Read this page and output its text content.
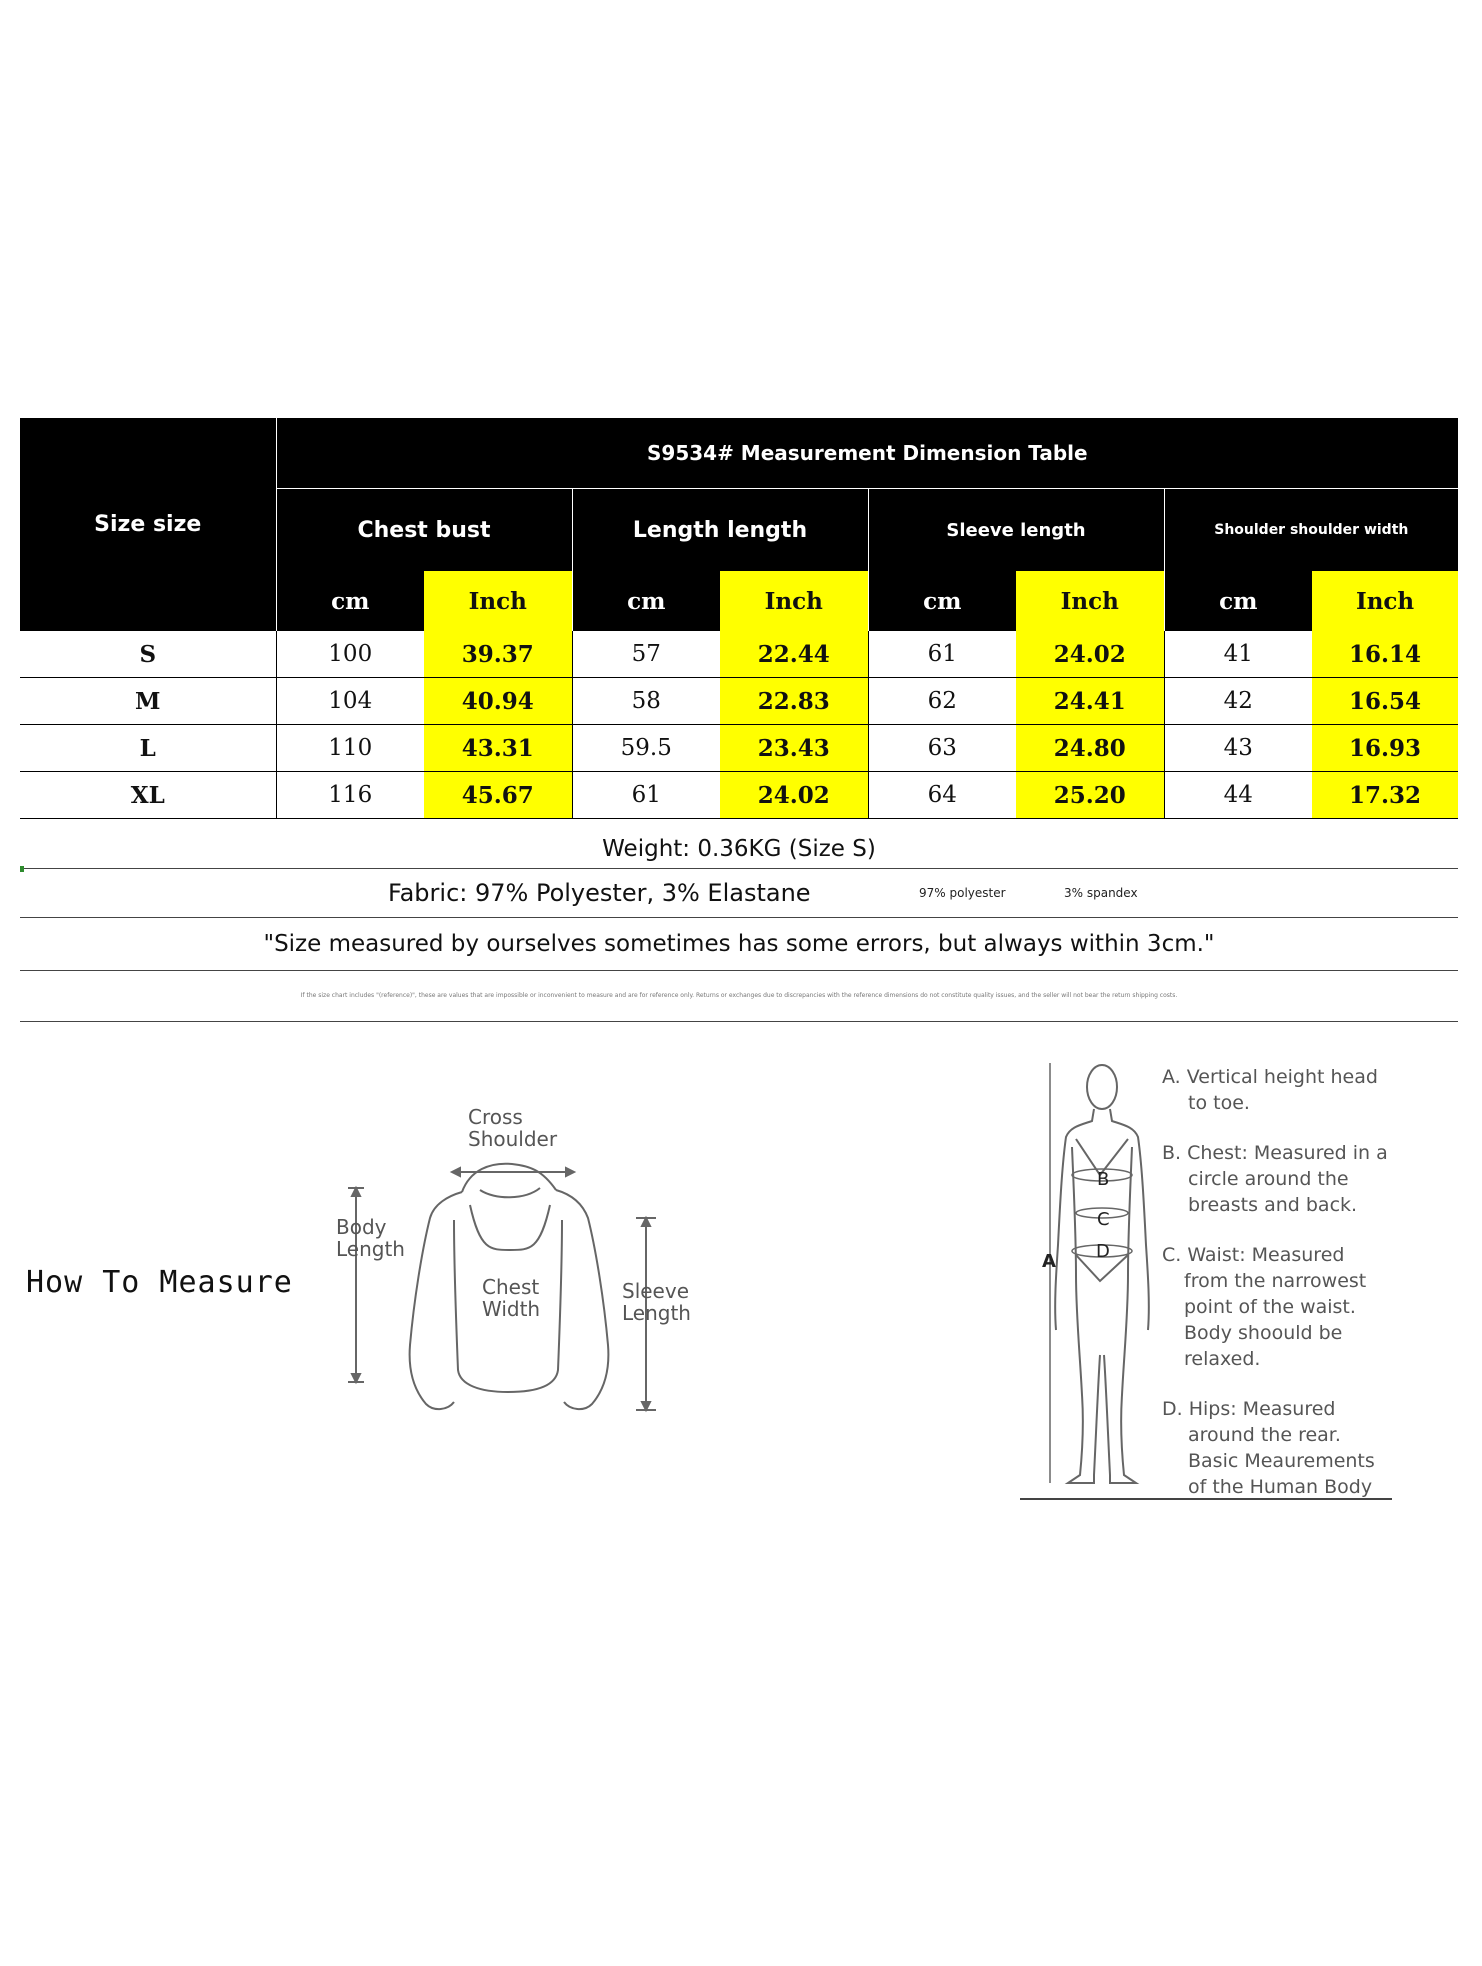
Size size	S9534# Measurement Dimension Table							
	Chest bust		Length length		Sleeve length		Shoulder shoulder width	
	cm	Inch	cm	Inch	cm	Inch	cm	Inch
S	100	39.37	57	22.44	61	24.02	41	16.14
M	104	40.94	58	22.83	62	24.41	42	16.54
L	110	43.31	59.5	23.43	63	24.80	43	16.93
XL	116	45.67	61	24.02	64	25.20	44	17.32
Weight: 0.36KG (Size S)
Fabric: 97% Polyester, 3% Elastane	97% polyester	3% spandex
"Size measured by ourselves sometimes has some errors, but always within 3cm."
If the size chart includes "(reference)", these are values that are impossible or inconvenient to measure and are for reference only. Returns or exchanges due to discrepancies with the reference dimensions do not constitute quality issues, and the seller will not bear the return shipping costs.
How To Measure
Cross
Shoulder
Body
Length
Chest
Width
Sleeve
Length
B
C
D
A
A. Vertical height head
to toe.
B. Chest: Measured in a
circle around the
breasts and back.
C. Waist: Measured
from the narrowest
point of the waist.
Body shoould be
relaxed.
D. Hips: Measured
around the rear.
Basic Meaurements
of the Human Body
